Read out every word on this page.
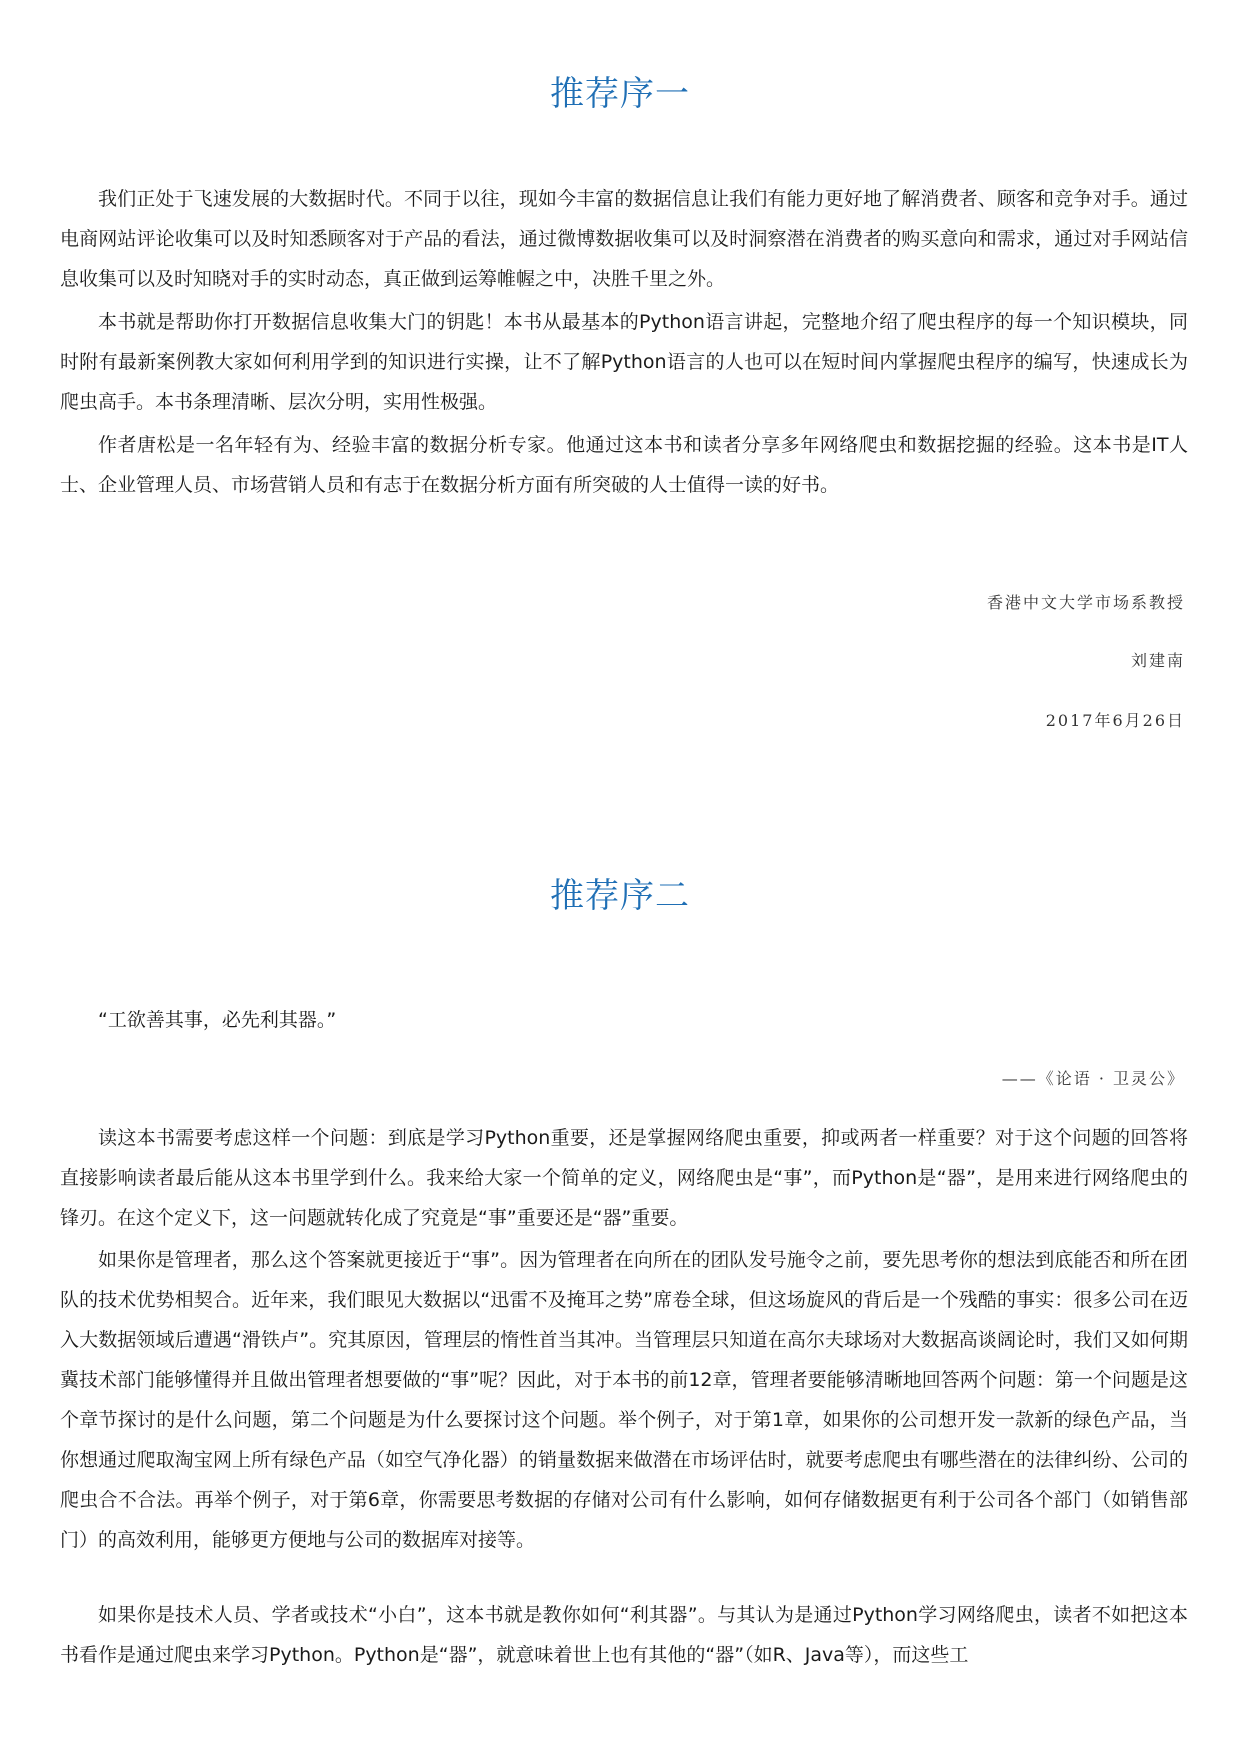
推荐序一

我们正处于飞速发展的大数据时代。不同于以往，现如今丰富的数据信息让我们有能力更好地了解消费者、顾客和竞争对手。通过电商网站评论收集可以及时知悉顾客对于产品的看法，通过微博数据收集可以及时洞察潜在消费者的购买意向和需求，通过对手网站信息收集可以及时知晓对手的实时动态，真正做到运筹帷幄之中，决胜千里之外。

本书就是帮助你打开数据信息收集大门的钥匙！本书从最基本的Python语言讲起，完整地介绍了爬虫程序的每一个知识模块，同时附有最新案例教大家如何利用学到的知识进行实操，让不了解Python语言的人也可以在短时间内掌握爬虫程序的编写，快速成长为爬虫高手。本书条理清晰、层次分明，实用性极强。

作者唐松是一名年轻有为、经验丰富的数据分析专家。他通过这本书和读者分享多年网络爬虫和数据挖掘的经验。这本书是IT人士、企业管理人员、市场营销人员和有志于在数据分析方面有所突破的人士值得一读的好书。

香港中文大学市场系教授

刘建南

2017年6月26日

推荐序二

“工欲善其事，必先利其器。”

——《论语 · 卫灵公》

读这本书需要考虑这样一个问题：到底是学习Python重要，还是掌握网络爬虫重要，抑或两者一样重要？对于这个问题的回答将直接影响读者最后能从这本书里学到什么。我来给大家一个简单的定义，网络爬虫是“事”，而Python是“器”，是用来进行网络爬虫的锋刃。在这个定义下，这一问题就转化成了究竟是“事”重要还是“器”重要。

如果你是管理者，那么这个答案就更接近于“事”。因为管理者在向所在的团队发号施令之前，要先思考你的想法到底能否和所在团队的技术优势相契合。近年来，我们眼见大数据以“迅雷不及掩耳之势”席卷全球，但这场旋风的背后是一个残酷的事实：很多公司在迈入大数据领域后遭遇“滑铁卢”。究其原因，管理层的惰性首当其冲。当管理层只知道在高尔夫球场对大数据高谈阔论时，我们又如何期冀技术部门能够懂得并且做出管理者想要做的“事”呢？因此，对于本书的前12章，管理者要能够清晰地回答两个问题：第一个问题是这个章节探讨的是什么问题，第二个问题是为什么要探讨这个问题。举个例子，对于第1章，如果你的公司想开发一款新的绿色产品，当你想通过爬取淘宝网上所有绿色产品（如空气净化器）的销量数据来做潜在市场评估时，就要考虑爬虫有哪些潜在的法律纠纷、公司的爬虫合不合法。再举个例子，对于第6章，你需要思考数据的存储对公司有什么影响，如何存储数据更有利于公司各个部门（如销售部门）的高效利用，能够更方便地与公司的数据库对接等。

如果你是技术人员、学者或技术“小白”，这本书就是教你如何“利其器”。与其认为是通过Python学习网络爬虫，读者不如把这本书看作是通过爬虫来学习Python。Python是“器”，就意味着世上也有其他的“器”（如R、Java等），而这些工
